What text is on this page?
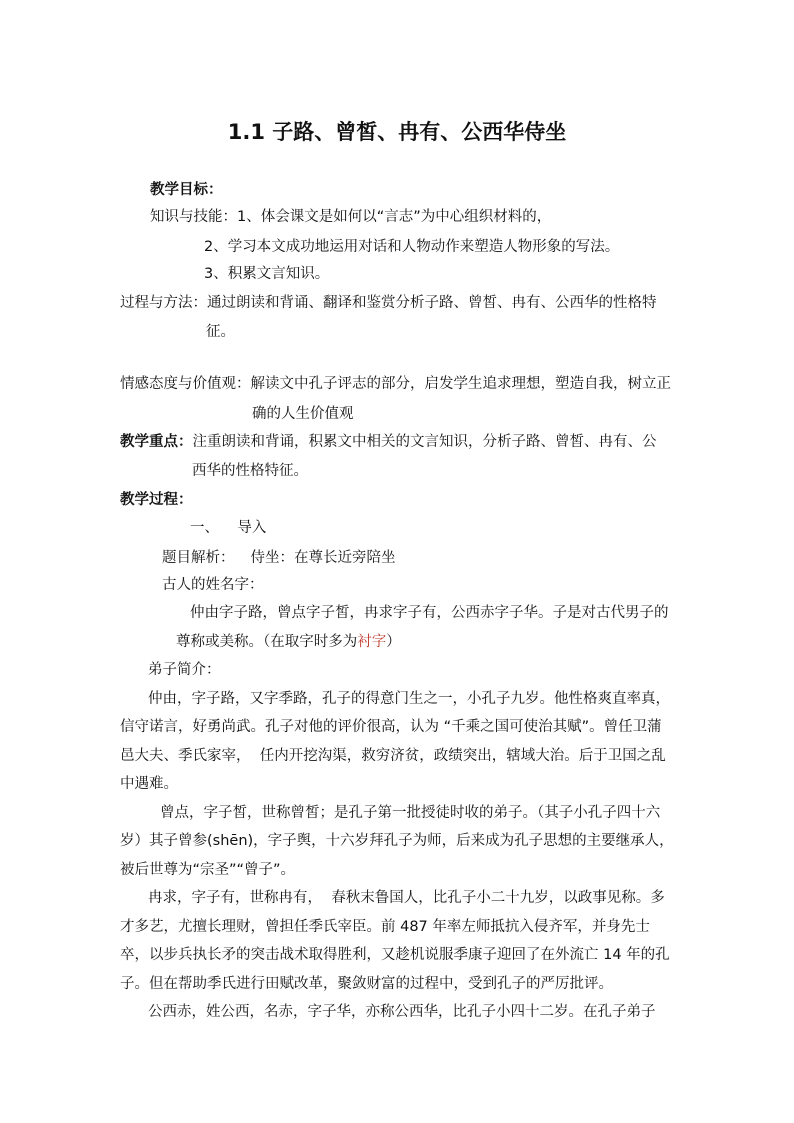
1.1 子路、曾皙、冉有、公西华侍坐
教学目标：
知识与技能：1、体会课文是如何以“言志”为中心组织材料的，
2、学习本文成功地运用对话和人物动作来塑造人物形象的写法。
3、积累文言知识。
过程与方法：通过朗读和背诵、翻译和鉴赏分析子路、曾皙、冉有、公西华的性格特
征。
情感态度与价值观：解读文中孔子评志的部分，启发学生追求理想，塑造自我，树立正
确的人生价值观
教学重点：注重朗读和背诵，积累文中相关的文言知识，分析子路、曾皙、冉有、公
西华的性格特征。
教学过程：
一、    导入
题目解析： 侍坐：在尊长近旁陪坐
古人的姓名字：
仲由字子路，曾点字子皙，冉求字子有，公西赤字子华。子是对古代男子的
尊称或美称。（在取字时多为衬字）
弟子简介：
仲由，字子路，又字季路，孔子的得意门生之一，小孔子九岁。他性格爽直率真，
信守诺言，好勇尚武。孔子对他的评价很高，认为 “千乘之国可使治其赋”。曾任卫蒲
邑大夫、季氏家宰，  任内开挖沟渠，救穷济贫，政绩突出，辖域大治。后于卫国之乱
中遇难。
曾点，字子皙，世称曾皙；是孔子第一批授徒时收的弟子。（其子小孔子四十六
岁）其子曾参(shēn)，字子舆，十六岁拜孔子为师，后来成为孔子思想的主要继承人，
被后世尊为“宗圣”“曾子”。
冉求，字子有，世称冉有，  春秋末鲁国人，比孔子小二十九岁，以政事见称。多
才多艺，尤擅长理财，曾担任季氏宰臣。前 487 年率左师抵抗入侵齐军，并身先士
卒，以步兵执长矛的突击战术取得胜利，又趁机说服季康子迎回了在外流亡 14 年的孔
子。但在帮助季氏进行田赋改革，聚敛财富的过程中，受到孔子的严厉批评。
公西赤，姓公西，名赤，字子华，亦称公西华，比孔子小四十二岁。在孔子弟子
